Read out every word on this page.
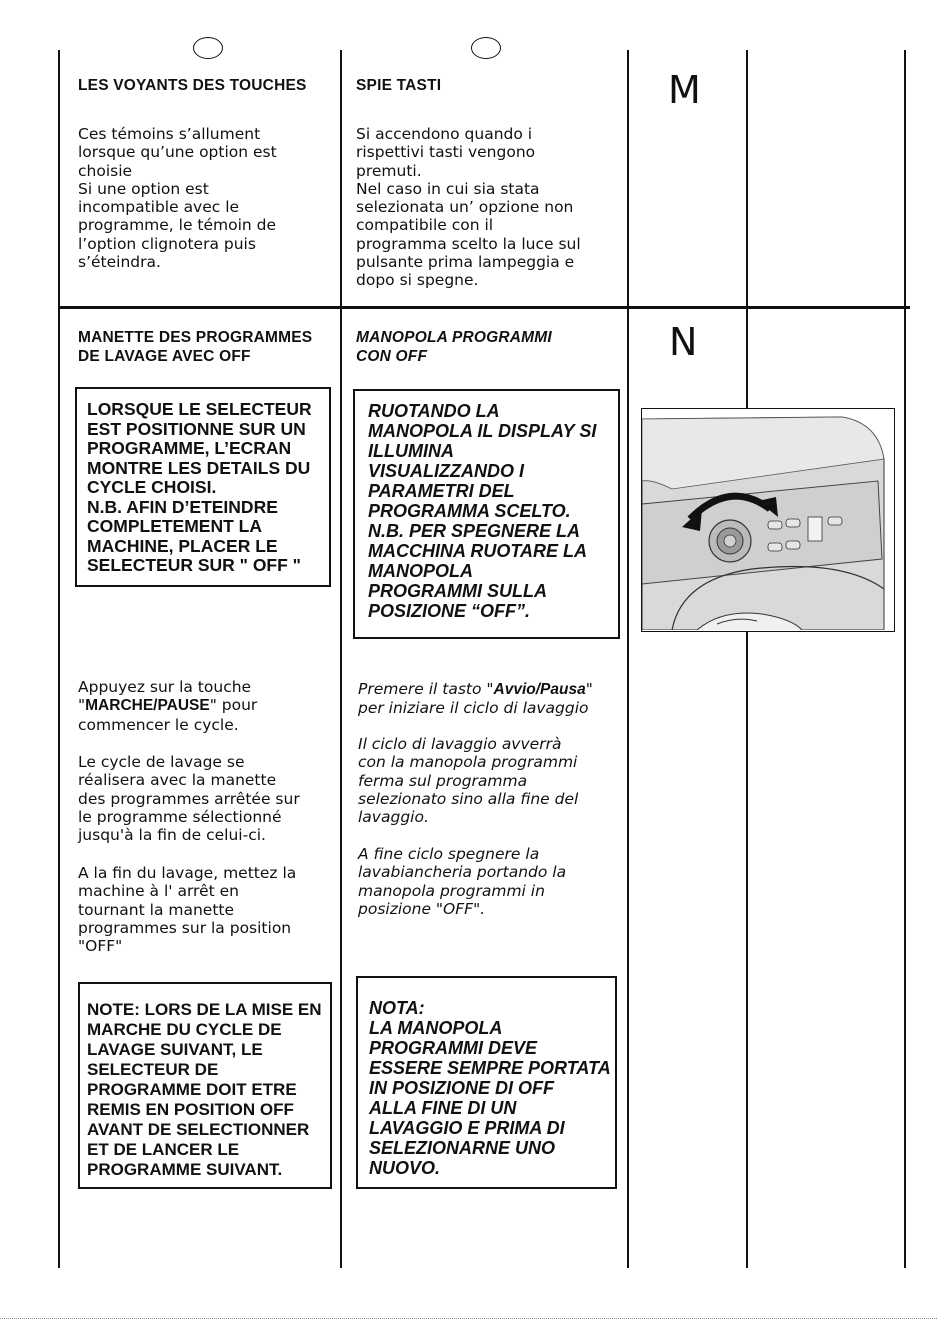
LES VOYANTS DES TOUCHES
Ces témoins s’allument
lorsque qu’une option est
choisie
Si une option est
incompatible avec le
programme, le témoin de
l’option clignotera puis
s’éteindra.
SPIE TASTI
Si accendono quando i
rispettivi tasti vengono
premuti.
Nel caso in cui sia stata
selezionata un’ opzione non
compatibile con il
programma scelto la luce sul
pulsante prima lampeggia e
dopo si spegne.
M
MANETTE DES PROGRAMMES
DE LAVAGE AVEC OFF
MANOPOLA PROGRAMMI
CON OFF	N
LORSQUE LE SELECTEUR
EST POSITIONNE SUR UN
PROGRAMME, L’ECRAN
MONTRE LES DETAILS DU
CYCLE CHOISI.
N.B. AFIN D’ETEINDRE
COMPLETEMENT LA
MACHINE, PLACER LE
SELECTEUR SUR " OFF "
RUOTANDO LA
MANOPOLA IL DISPLAY SI
ILLUMINA
VISUALIZZANDO I
PARAMETRI DEL
PROGRAMMA SCELTO.
N.B. PER SPEGNERE LA
MACCHINA RUOTARE LA
MANOPOLA
PROGRAMMI SULLA
POSIZIONE “OFF”.
Appuyez sur la touche
"MARCHE/PAUSE" pour
commencer le cycle.
Le cycle de lavage se
réalisera avec la manette
des programmes arrêtée sur
le programme sélectionné
jusqu'à la fin de celui-ci.
A la fin du lavage, mettez la
machine à l' arrêt en
tournant la manette
programmes sur la position
"OFF"
Premere il tasto "Avvio/Pausa"
per iniziare il ciclo di lavaggio
Il ciclo di lavaggio avverrà
con la manopola programmi
ferma sul programma
selezionato sino alla fine del
lavaggio.
A fine ciclo spegnere la
lavabiancheria portando la
manopola programmi in
posizione "OFF".
NOTE: LORS DE LA MISE EN
MARCHE DU CYCLE DE
LAVAGE SUIVANT, LE
SELECTEUR DE
PROGRAMME DOIT ETRE
REMIS EN POSITION OFF
AVANT DE SELECTIONNER
ET DE LANCER LE
PROGRAMME SUIVANT.
NOTA:
LA MANOPOLA
PROGRAMMI DEVE
ESSERE SEMPRE PORTATA
IN POSIZIONE DI OFF
ALLA FINE DI UN
LAVAGGIO E PRIMA DI
SELEZIONARNE UNO
NUOVO.
